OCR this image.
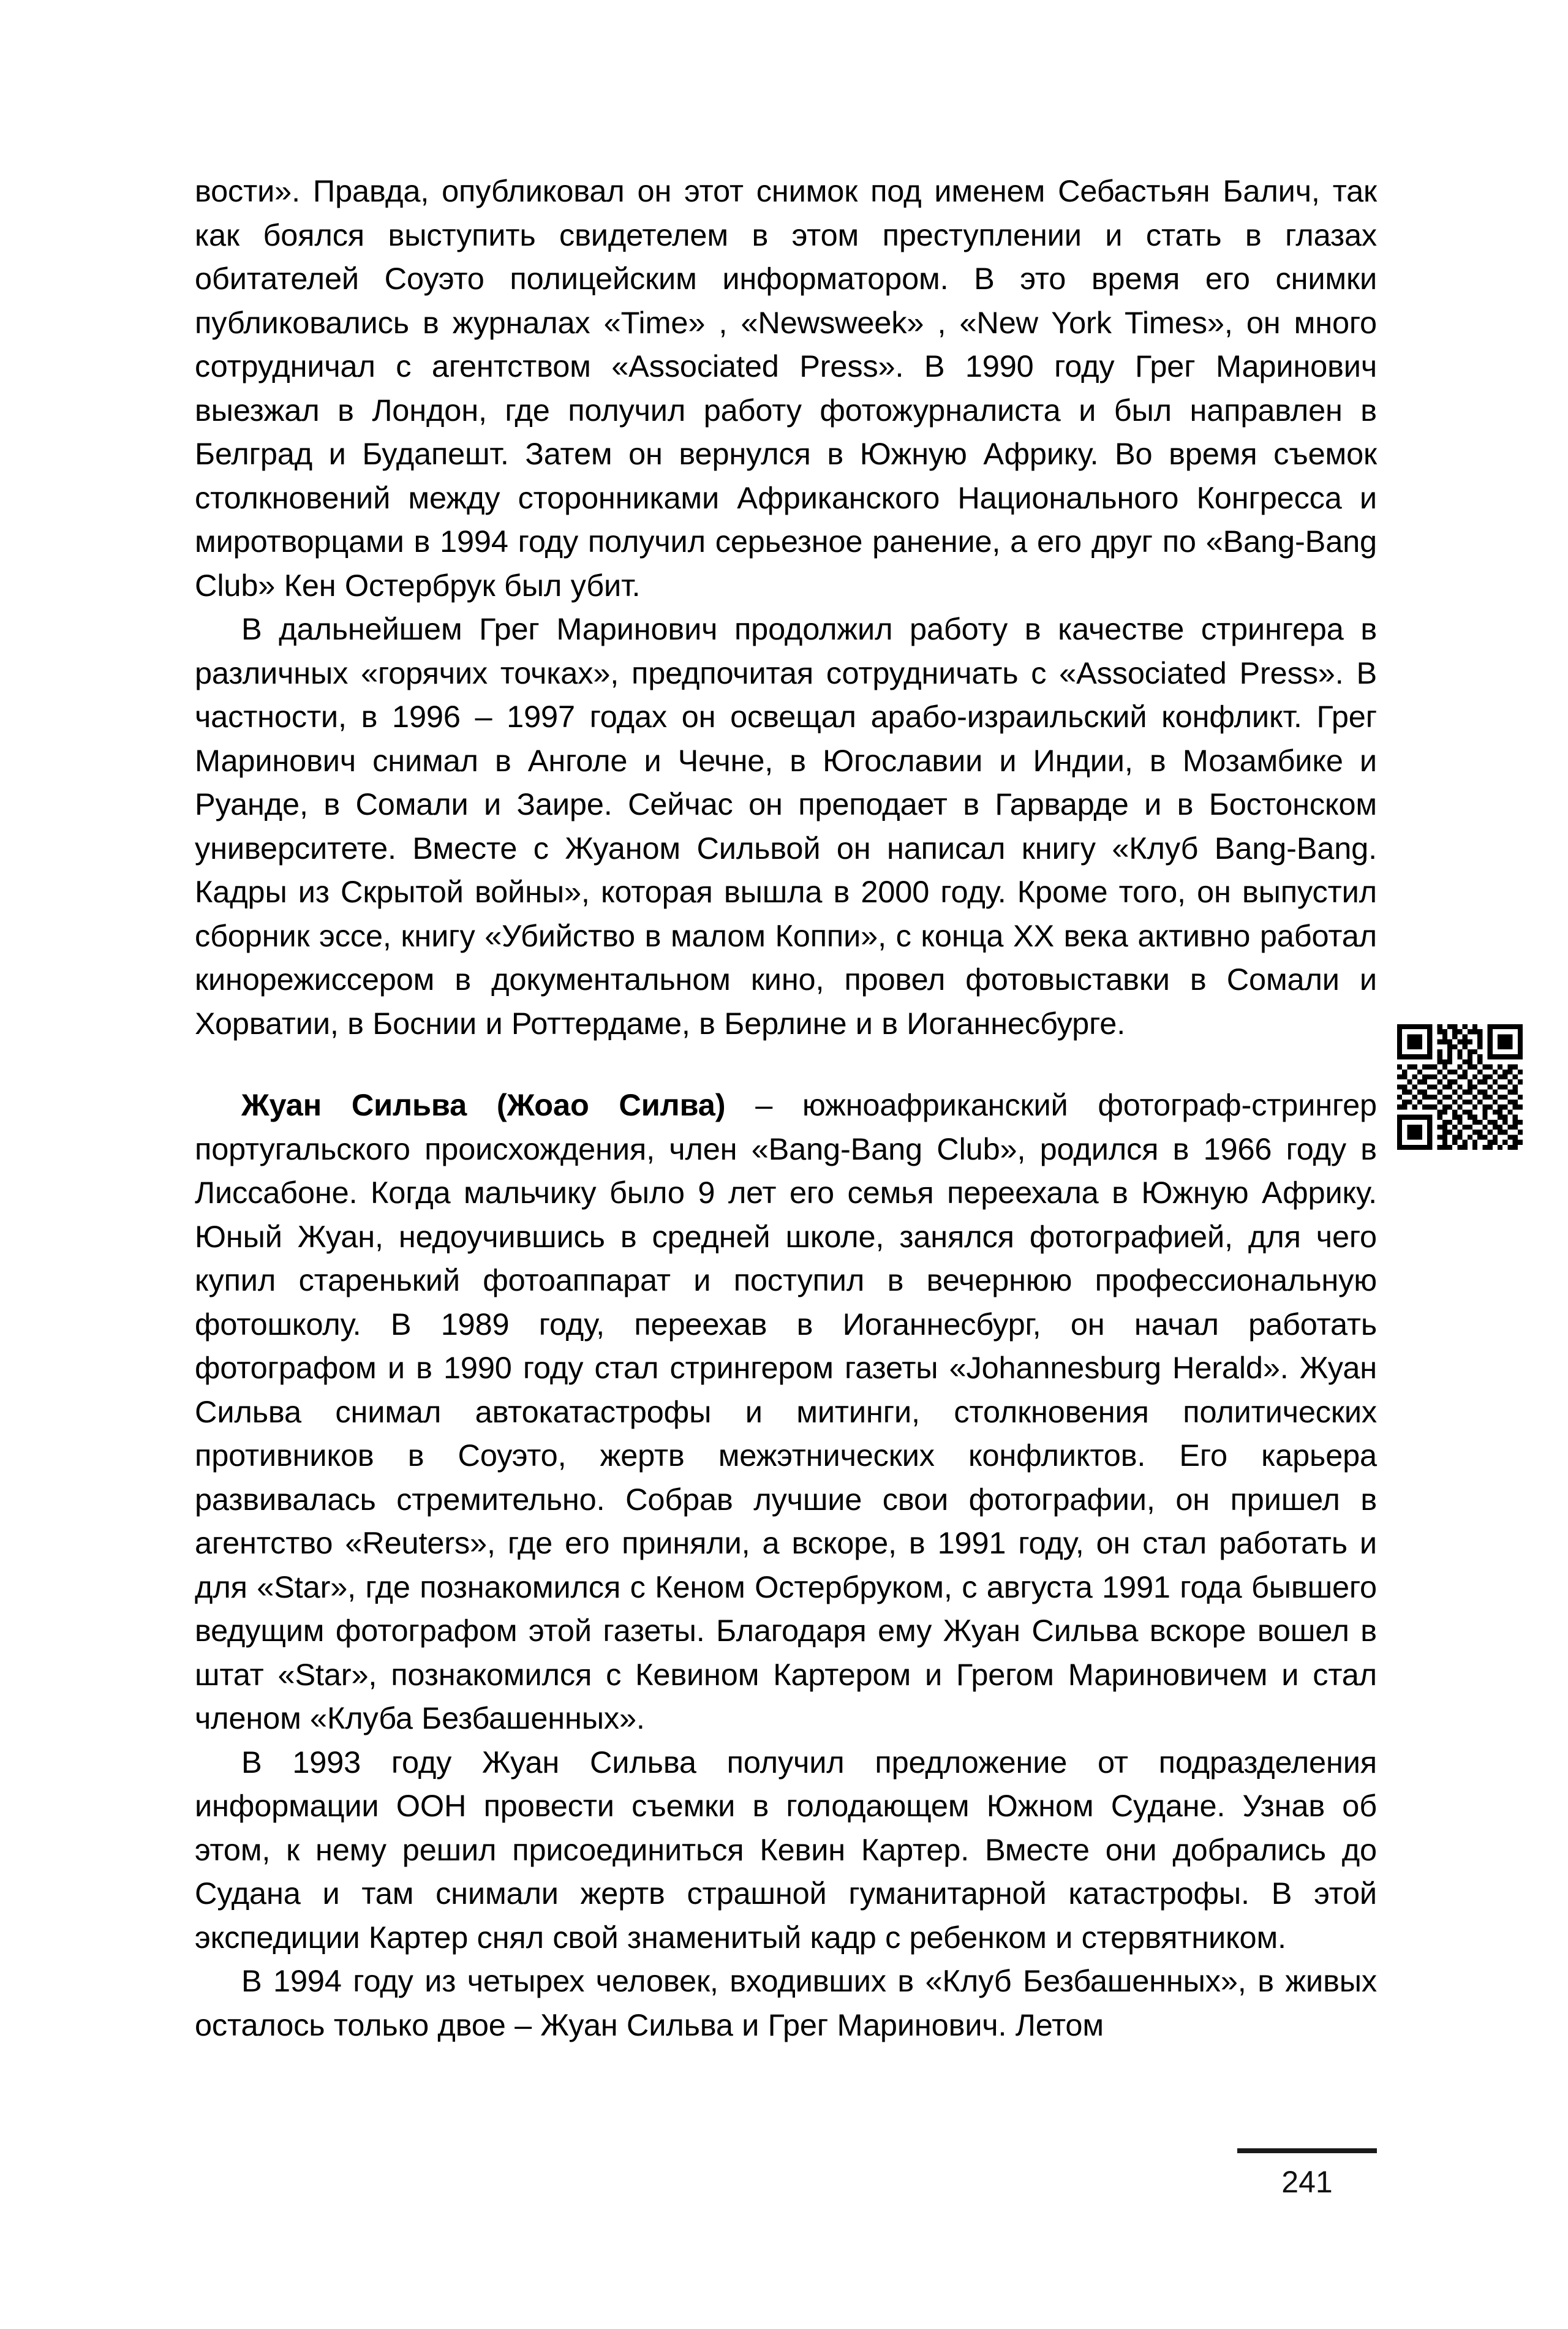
вости». Правда, опубликовал он этот снимок под именем Себастьян Балич, так как боялся выступить свидетелем в этом преступлении и стать в глазах обитателей Соуэто полицейским информатором. В это время его снимки публиковались в журналах «Time» , «Newsweek» , «New York Times», он много сотрудничал с агентством «Associated Press». В 1990 году Грег Маринович выезжал в Лондон, где получил работу фотожурналиста и был направлен в Белград и Будапешт. Затем он вернулся в Южную Африку. Во время съемок столкновений между сторонниками Африканского Национального Конгресса и миротворцами в 1994 году получил серьезное ранение, а его друг по «Bang-Bang Club» Кен Остербрук был убит.

В дальнейшем Грег Маринович продолжил работу в качестве стрингера в различных «горячих точках», предпочитая сотрудничать с «Associated Press». В частности, в 1996 – 1997 годах он освещал арабо-израильский конфликт. Грег Маринович снимал в Анголе и Чечне, в Югославии и Индии, в Мозамбике и Руанде, в Сомали и Заире. Сейчас он преподает в Гарварде и в Бостонском университете. Вместе с Жуаном Сильвой он написал книгу «Клуб Bang-Bang. Кадры из Скрытой войны», которая вышла в 2000 году. Кроме того, он выпустил сборник эссе, книгу «Убийство в малом Коппи», с конца XX века активно работал кинорежиссером в документальном кино, провел фотовыставки в Сомали и Хорватии, в Боснии и Роттердаме, в Берлине и в Иоганнесбурге.

Жуан Сильва (Жоао Силва) – южноафриканский фотограф-стрингер португальского происхождения, член «Bang-Bang Club», родился в 1966 году в Лиссабоне. Когда мальчику было 9 лет его семья переехала в Южную Африку. Юный Жуан, недоучившись в средней школе, занялся фотографией, для чего купил старенький фотоаппарат и поступил в вечернюю профессиональную фотошколу. В 1989 году, переехав в Иоганнесбург, он начал работать фотографом и в 1990 году стал стрингером газеты «Johannesburg Herald». Жуан Сильва снимал автокатастрофы и митинги, столкновения политических противников в Соуэто, жертв межэтнических конфликтов. Его карьера развивалась стремительно. Собрав лучшие свои фотографии, он пришел в агентство «Reuters», где его приняли, а вскоре, в 1991 году, он стал работать и для «Star», где познакомился с Кеном Остербруком, с августа 1991 года бывшего ведущим фотографом этой газеты. Благодаря ему Жуан Сильва вскоре вошел в штат «Star», познакомился с Кевином Картером и Грегом Мариновичем и стал членом «Клуба Безбашенных».

В 1993 году Жуан Сильва получил предложение от подразделения информации ООН провести съемки в голодающем Южном Судане. Узнав об этом, к нему решил присоединиться Кевин Картер. Вместе они добрались до Судана и там снимали жертв страшной гуманитарной катастрофы. В этой экспедиции Картер снял свой знаменитый кадр с ребенком и стервятником.

В 1994 году из четырех человек, входивших в «Клуб Безбашенных», в живых осталось только двое – Жуан Сильва и Грег Маринович. Летом

241
